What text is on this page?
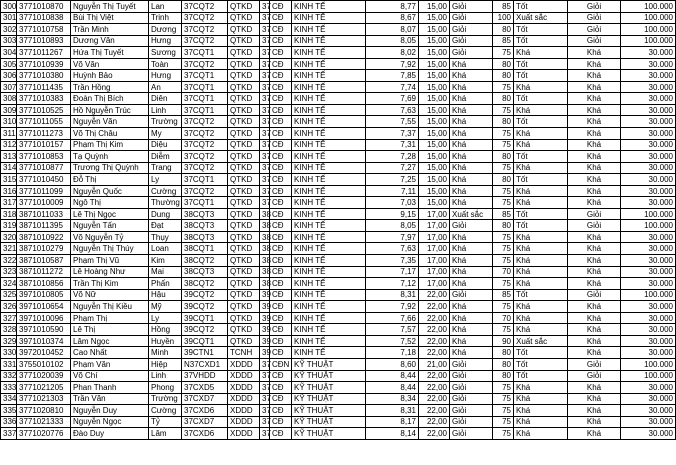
300	3771010870	Nguyễn Thị Tuyết	Lan	37CQT2	QTKD	37	CĐ	KINH TẾ	8,77	15,00	Giỏi	85	Tốt	Giỏi	100.000
301	3771010838	Bùi Thị Việt	Trinh	37CQT2	QTKD	37	CĐ	KINH TẾ	8,67	15,00	Giỏi	100	Xuất sắc	Giỏi	100.000
302	3771010758	Trần Minh	Dương	37CQT2	QTKD	37	CĐ	KINH TẾ	8,07	15,00	Giỏi	80	Tốt	Giỏi	100.000
303	3771010893	Dương Văn	Hưng	37CQT2	QTKD	37	CĐ	KINH TẾ	8,05	15,00	Giỏi	85	Tốt	Giỏi	100.000
304	3771011267	Hứa Thị Tuyết	Sương	37CQT1	QTKD	37	CĐ	KINH TẾ	8,02	15,00	Giỏi	75	Khá	Khá	30.000
305	3771010939	Võ Văn	Toàn	37CQT2	QTKD	37	CĐ	KINH TẾ	7,92	15,00	Khá	80	Tốt	Khá	30.000
306	3771010380	Huỳnh Bảo	Hưng	37CQT1	QTKD	37	CĐ	KINH TẾ	7,85	15,00	Khá	80	Tốt	Khá	30.000
307	3771011435	Trần Hồng	An	37CQT1	QTKD	37	CĐ	KINH TẾ	7,74	15,00	Khá	75	Khá	Khá	30.000
308	3771010383	Đoàn Thị Bích	Diên	37CQT1	QTKD	37	CĐ	KINH TẾ	7,69	15,00	Khá	80	Tốt	Khá	30.000
309	3771010525	Hồ Nguyễn Trúc	Linh	37CQT1	QTKD	37	CĐ	KINH TẾ	7,63	15,00	Khá	75	Khá	Khá	30.000
310	3771011055	Nguyễn Văn	Trường	37CQT2	QTKD	37	CĐ	KINH TẾ	7,55	15,00	Khá	80	Tốt	Khá	30.000
311	3771011273	Võ Thị Châu	My	37CQT2	QTKD	37	CĐ	KINH TẾ	7,37	15,00	Khá	75	Khá	Khá	30.000
312	3771010157	Phạm Thị Kim	Diệu	37CQT2	QTKD	37	CĐ	KINH TẾ	7,31	15,00	Khá	75	Khá	Khá	30.000
313	3771010853	Tạ Quỳnh	Diễm	37CQT2	QTKD	37	CĐ	KINH TẾ	7,28	15,00	Khá	80	Tốt	Khá	30.000
314	3771010877	Trương Thị Quỳnh	Trang	37CQT2	QTKD	37	CĐ	KINH TẾ	7,27	15,00	Khá	75	Khá	Khá	30.000
315	3771010450	Đỗ Thị	Ly	37CQT1	QTKD	37	CĐ	KINH TẾ	7,25	15,00	Khá	80	Tốt	Khá	30.000
316	3771011099	Nguyễn Quốc	Cường	37CQT2	QTKD	37	CĐ	KINH TẾ	7,11	15,00	Khá	75	Khá	Khá	30.000
317	3771010009	Ngô Thị	Thường	37CQT1	QTKD	37	CĐ	KINH TẾ	7,03	15,00	Khá	75	Khá	Khá	30.000
318	3871011033	Lê Thị Ngọc	Dung	38CQT3	QTKD	38	CĐ	KINH TẾ	9,15	17,00	Xuất sắc	85	Tốt	Giỏi	100.000
319	3871011395	Nguyễn Tấn	Đạt	38CQT3	QTKD	38	CĐ	KINH TẾ	8,05	17,00	Giỏi	80	Tốt	Giỏi	100.000
320	3871010922	Võ Nguyễn Tỷ	Thụy	38CQT3	QTKD	38	CĐ	KINH TẾ	7,97	17,00	Khá	75	Khá	Khá	30.000
321	3871010279	Nguyễn Thị Thúy	Loan	38CQT1	QTKD	38	CĐ	KINH TẾ	7,63	17,00	Khá	75	Khá	Khá	30.000
322	3871010587	Phạm Thị Vũ	Kim	38CQT2	QTKD	38	CĐ	KINH TẾ	7,35	17,00	Khá	75	Khá	Khá	30.000
323	3871011272	Lê Hoàng Như	Mai	38CQT3	QTKD	38	CĐ	KINH TẾ	7,17	17,00	Khá	70	Khá	Khá	30.000
324	3871010856	Trần Thị Kim	Phấn	38CQT2	QTKD	38	CĐ	KINH TẾ	7,12	17,00	Khá	75	Khá	Khá	30.000
325	3971010805	Võ Nữ	Hậu	39CQT2	QTKD	39	CĐ	KINH TẾ	8,31	22,00	Giỏi	85	Tốt	Giỏi	100.000
326	3971010654	Nguyễn Thị Kiều	Mỹ	39CQT2	QTKD	39	CĐ	KINH TẾ	7,92	22,00	Khá	75	Khá	Khá	30.000
327	3971010096	Phạm Thị	Ly	39CQT1	QTKD	39	CĐ	KINH TẾ	7,66	22,00	Khá	70	Khá	Khá	30.000
328	3971010590	Lê Thị	Hồng	39CQT2	QTKD	39	CĐ	KINH TẾ	7,57	22,00	Khá	75	Khá	Khá	30.000
329	3971010374	Lâm Ngọc	Huyền	39CQT1	QTKD	39	CĐ	KINH TẾ	7,52	22,00	Khá	90	Xuất sắc	Khá	30.000
330	3972010452	Cao Nhất	Minh	39CTN1	TCNH	39	CĐ	KINH TẾ	7,18	22,00	Khá	80	Tốt	Khá	30.000
331	3755010102	Phạm Văn	Hiệp	N37CXD1	XDDD	37	CĐN	KỸ THUẬT	8,60	21,00	Giỏi	80	Tốt	Giỏi	100.000
332	3771020039	Võ Chí	Linh	37VHDD	XDDD	37	CĐ	KỸ THUẬT	8,44	22,00	Giỏi	80	Tốt	Giỏi	100.000
333	3771021205	Phan Thanh	Phong	37CXD5	XDDD	37	CĐ	KỸ THUẬT	8,44	22,00	Giỏi	75	Khá	Khá	30.000
334	3771021303	Trần Văn	Trường	37CXD7	XDDD	37	CĐ	KỸ THUẬT	8,34	22,00	Giỏi	75	Khá	Khá	30.000
335	3771020810	Nguyễn Duy	Cường	37CXD6	XDDD	37	CĐ	KỸ THUẬT	8,31	22,00	Giỏi	75	Khá	Khá	30.000
336	3771021333	Nguyễn Ngọc	Tỷ	37CXD7	XDDD	37	CĐ	KỸ THUẬT	8,17	22,00	Giỏi	75	Khá	Khá	30.000
337	3771020776	Đào Duy	Lâm	37CXD6	XDDD	37	CĐ	KỸ THUẬT	8,14	22,00	Giỏi	75	Khá	Khá	30.000
